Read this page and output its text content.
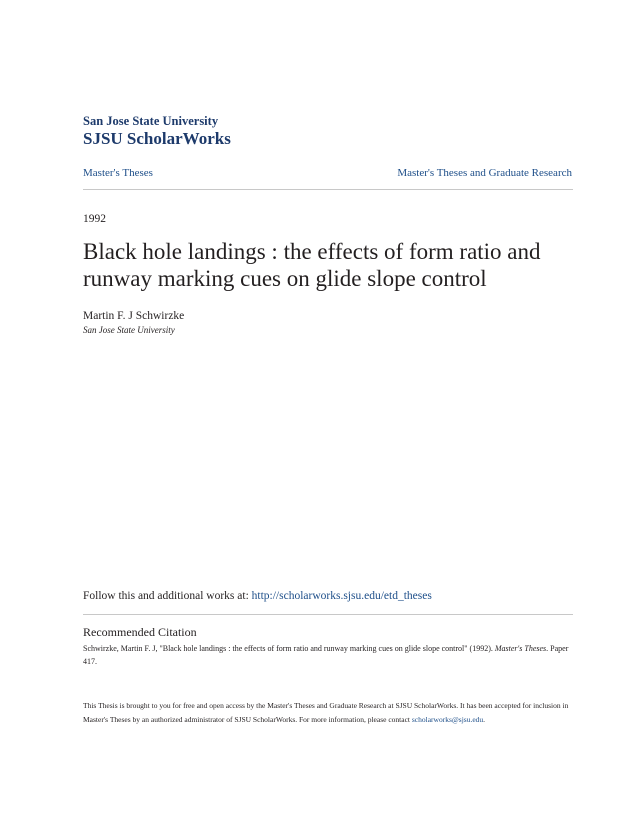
San Jose State University
SJSU ScholarWorks
Master's Theses	Master's Theses and Graduate Research
1992
Black hole landings : the effects of form ratio and runway marking cues on glide slope control
Martin F. J Schwirzke
San Jose State University
Follow this and additional works at: http://scholarworks.sjsu.edu/etd_theses
Recommended Citation
Schwirzke, Martin F. J, "Black hole landings : the effects of form ratio and runway marking cues on glide slope control" (1992). Master's Theses. Paper 417.
This Thesis is brought to you for free and open access by the Master's Theses and Graduate Research at SJSU ScholarWorks. It has been accepted for inclusion in Master's Theses by an authorized administrator of SJSU ScholarWorks. For more information, please contact scholarworks@sjsu.edu.
